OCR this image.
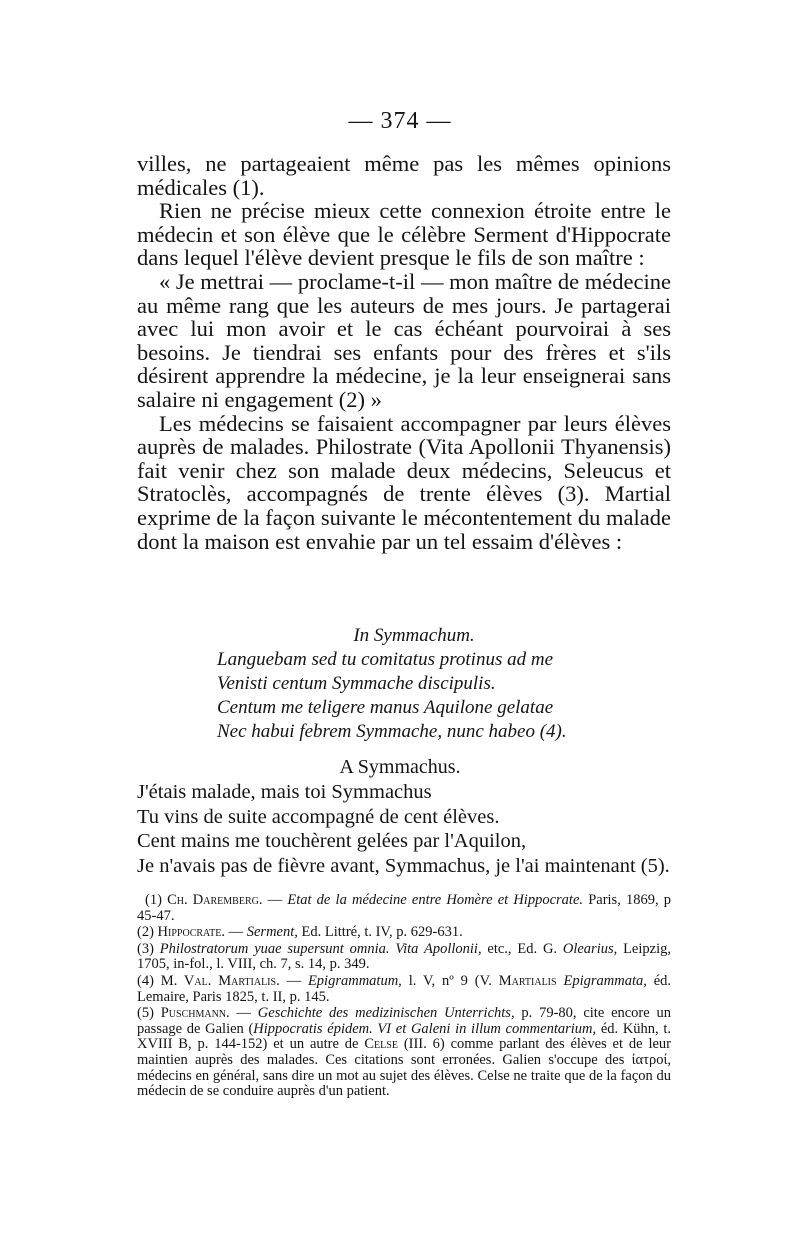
— 374 —

villes, ne partageaient même pas les mêmes opinions médicales (1).

Rien ne précise mieux cette connexion étroite entre le médecin et son élève que le célèbre Serment d'Hippocrate dans lequel l'élève devient presque le fils de son maître :

« Je mettrai — proclame-t-il — mon maître de médecine au même rang que les auteurs de mes jours. Je partagerai avec lui mon avoir et le cas échéant pourvoirai à ses besoins. Je tiendrai ses enfants pour des frères et s'ils désirent apprendre la médecine, je la leur enseignerai sans salaire ni engagement (2) »

Les médecins se faisaient accompagner par leurs élèves auprès de malades. Philostrate (Vita Apollonii Thyanensis) fait venir chez son malade deux médecins, Seleucus et Stratoclès, accompagnés de trente élèves (3). Martial exprime de la façon suivante le mécontentement du malade dont la maison est envahie par un tel essaim d'élèves :

In Symmachum.
Languebam sed tu comitatus protinus ad me
Venisti centum Symmache discipulis.
Centum me teligere manus Aquilone gelatae
Nec habui febrem Symmache, nunc habeo (4).
A Symmachus.
J'étais malade, mais toi Symmachus
Tu vins de suite accompagné de cent élèves.
Cent mains me touchèrent gelées par l'Aquilon,
Je n'avais pas de fièvre avant, Symmachus, je l'ai maintenant (5).

(1) Ch. Daremberg. — Etat de la médecine entre Homère et Hippocrate. Paris, 1869, p 45-47.

(2) Hippocrate. — Serment, Ed. Littré, t. IV, p. 629-631.

(3) Philostratorum yuae supersunt omnia. Vita Apollonii, etc., Ed. G. Olearius, Leipzig, 1705, in-fol., l. VIII, ch. 7, s. 14, p. 349.

(4) M. Val. Martialis. — Epigrammatum, l. V, nº 9 (V. Martialis Epigrammata, éd. Lemaire, Paris 1825, t. II, p. 145.

(5) Puschmann. — Geschichte des medizinischen Unterrichts, p. 79-80, cite encore un passage de Galien (Hippocratis épidem. VI et Galeni in illum commentarium, éd. Kühn, t. XVIII B, p. 144-152) et un autre de Celse (III. 6) comme parlant des élèves et de leur maintien auprès des malades. Ces citations sont erronées. Galien s'occupe des ἰατροί, médecins en général, sans dire un mot au sujet des élèves. Celse ne traite que de la façon du médecin de se conduire auprès d'un patient.
